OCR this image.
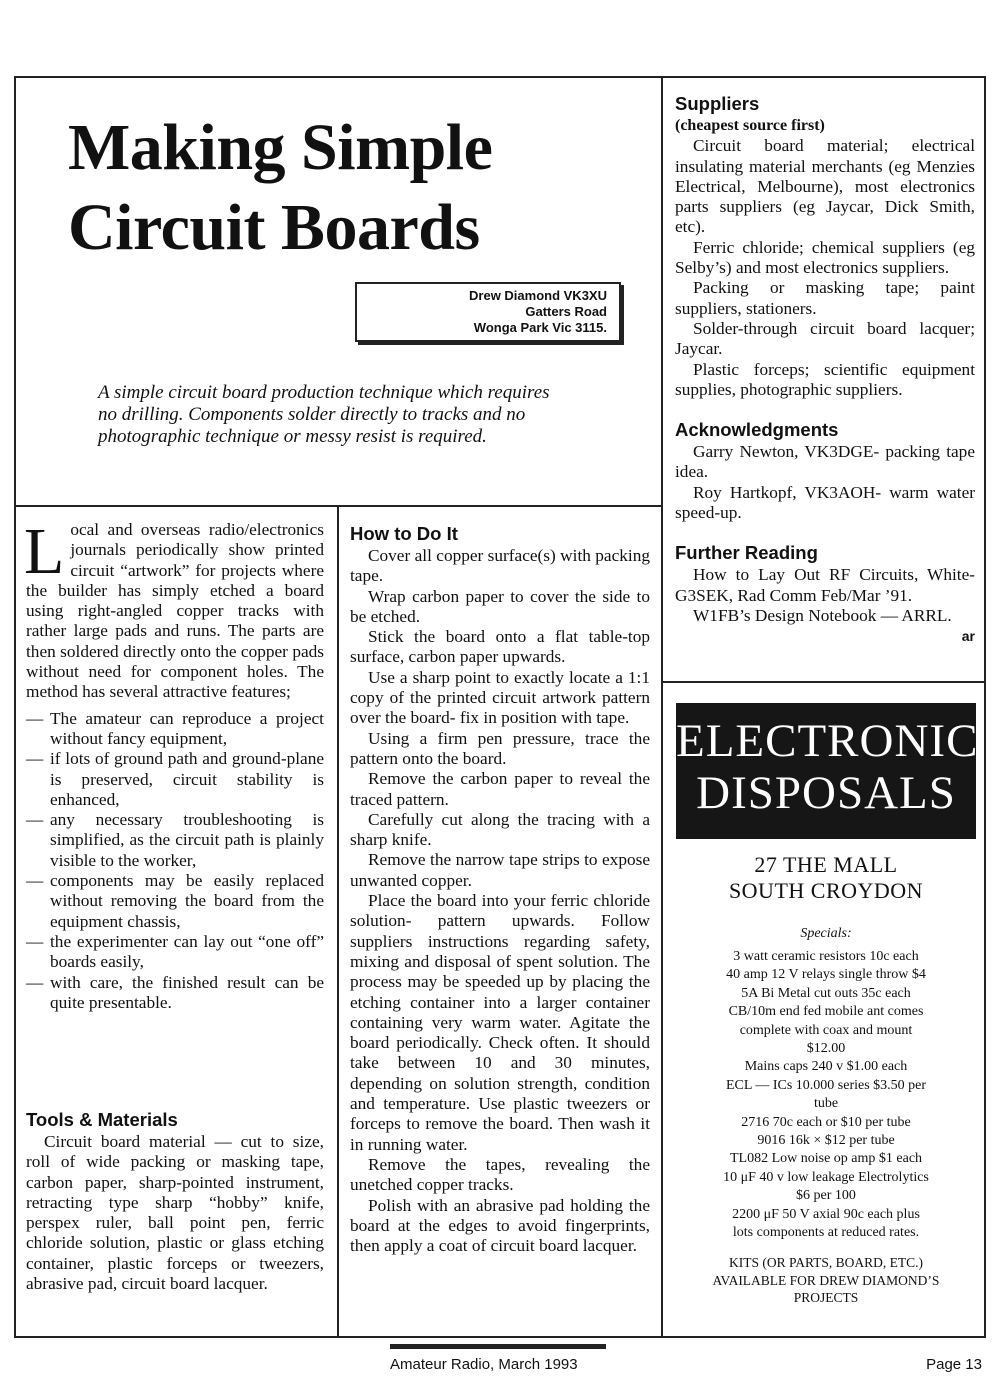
Making Simple
Circuit Boards
Drew Diamond VK3XU
Gatters Road
Wonga Park Vic 3115.
A simple circuit board production technique which requires no drilling. Components solder directly to tracks and no photographic technique or messy resist is required.
Local and overseas radio/electronics journals periodically show printed circuit “artwork” for projects where the builder has simply etched a board using right-angled copper tracks with rather large pads and runs. The parts are then soldered directly onto the copper pads without need for component holes. The method has several attractive features;
— The amateur can reproduce a project without fancy equipment,
— if lots of ground path and ground-plane is preserved, circuit stability is enhanced,
— any necessary troubleshooting is simplified, as the circuit path is plainly visible to the worker,
— components may be easily replaced without removing the board from the equipment chassis,
— the experimenter can lay out “one off” boards easily,
— with care, the finished result can be quite presentable.
Tools & Materials

Circuit board material — cut to size, roll of wide packing or masking tape, carbon paper, sharp-pointed instrument, retracting type sharp “hobby” knife, perspex ruler, ball point pen, ferric chloride solution, plastic or glass etching container, plastic forceps or tweezers, abrasive pad, circuit board lacquer.

How to Do It

Cover all copper surface(s) with packing tape.

Wrap carbon paper to cover the side to be etched.

Stick the board onto a flat table-top surface, carbon paper upwards.

Use a sharp point to exactly locate a 1:1 copy of the printed circuit artwork pattern over the board- fix in position with tape.

Using a firm pen pressure, trace the pattern onto the board.

Remove the carbon paper to reveal the traced pattern.

Carefully cut along the tracing with a sharp knife.

Remove the narrow tape strips to expose unwanted copper.

Place the board into your ferric chloride solution- pattern upwards. Follow suppliers instructions regarding safety, mixing and disposal of spent solution. The process may be speeded up by placing the etching container into a larger container containing very warm water. Agitate the board periodically. Check often. It should take between 10 and 30 minutes, depending on solution strength, condition and temperature. Use plastic tweezers or forceps to remove the board. Then wash it in running water.

Remove the tapes, revealing the unetched copper tracks.

Polish with an abrasive pad holding the board at the edges to avoid fingerprints, then apply a coat of circuit board lacquer.

Suppliers
(cheapest source first)

Circuit board material; electrical insulating material merchants (eg Menzies Electrical, Melbourne), most electronics parts suppliers (eg Jaycar, Dick Smith, etc).

Ferric chloride; chemical suppliers (eg Selby’s) and most electronics suppliers.

Packing or masking tape; paint suppliers, stationers.

Solder-through circuit board lacquer; Jaycar.

Plastic forceps; scientific equipment supplies, photographic suppliers.

Acknowledgments

Garry Newton, VK3DGE- packing tape idea.

Roy Hartkopf, VK3AOH- warm water speed-up.

Further Reading

How to Lay Out RF Circuits, White-G3SEK, Rad Comm Feb/Mar ’91.

W1FB’s Design Notebook — ARRL.

ar
ELECTRONIC
DISPOSALS
27 THE MALL
SOUTH CROYDON
Specials:
3 watt ceramic resistors 10c each
40 amp 12 V relays single throw $4
5A Bi Metal cut outs 35c each
CB/10m end fed mobile ant comes
complete with coax and mount
$12.00
Mains caps 240 v $1.00 each
ECL — ICs 10.000 series $3.50 per
tube
2716 70c each or $10 per tube
9016 16k × $12 per tube
TL082 Low noise op amp $1 each
10 μF 40 v low leakage Electrolytics
$6 per 100
2200 μF 50 V axial 90c each plus
lots components at reduced rates.
KITS (OR PARTS, BOARD, ETC.)
AVAILABLE FOR DREW DIAMOND’S
PROJECTS
Amateur Radio, March 1993	Page 13
